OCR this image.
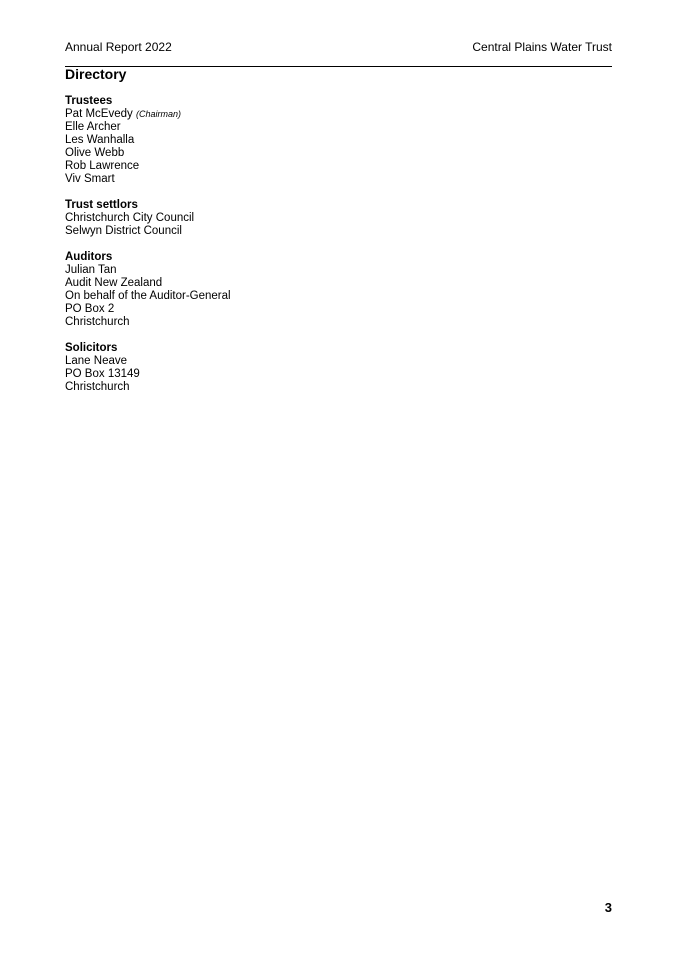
Annual Report 2022	Central Plains Water Trust
Directory
Trustees
Pat McEvedy (Chairman)
Elle Archer
Les Wanhalla
Olive Webb
Rob Lawrence
Viv Smart
Trust settlors
Christchurch City Council
Selwyn District Council
Auditors
Julian Tan
Audit New Zealand
On behalf of the Auditor-General
PO Box 2
Christchurch
Solicitors
Lane Neave
PO Box 13149
Christchurch
3
